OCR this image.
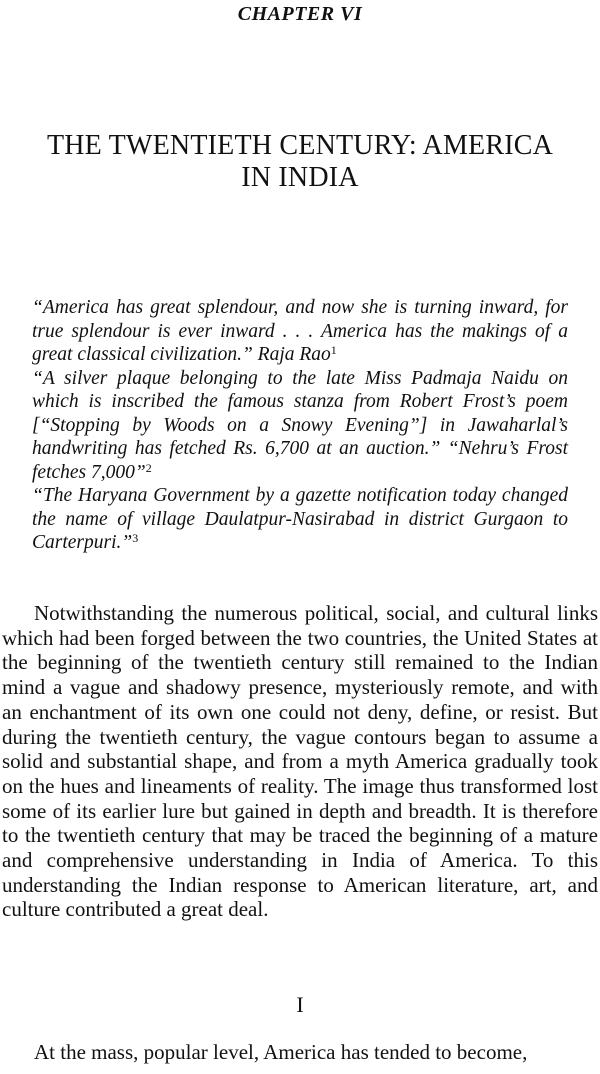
CHAPTER VI
THE TWENTIETH CENTURY: AMERICA
IN INDIA

“America has great splendour, and now she is turning inward, for true splendour is ever inward . . . America has the makings of a great classical civilization.” Raja Rao$^1$

“A silver plaque belonging to the late Miss Padmaja Naidu on which is inscribed the famous stanza from Robert Frost’s poem [“Stopping by Woods on a Snowy Evening”] in Jawaharlal’s handwriting has fetched Rs. 6,700 at an auction.” “Nehru’s Frost fetches 7,000”$^2$

“The Haryana Government by a gazette notification today changed the name of village Daulatpur-Nasirabad in district Gurgaon to Carterpuri.”$^3$

Notwithstanding the numerous political, social, and cultural links which had been forged between the two countries, the United States at the beginning of the twentieth century still remained to the Indian mind a vague and shadowy presence, mysteriously remote, and with an enchantment of its own one could not deny, define, or resist. But during the twentieth century, the vague contours began to assume a solid and substantial shape, and from a myth America gradually took on the hues and lineaments of reality. The image thus transformed lost some of its earlier lure but gained in depth and breadth. It is therefore to the twentieth century that may be traced the beginning of a mature and comprehensive understanding in India of America. To this understanding the Indian response to American literature, art, and culture contributed a great deal.

I

At the mass, popular level, America has tended to become,
